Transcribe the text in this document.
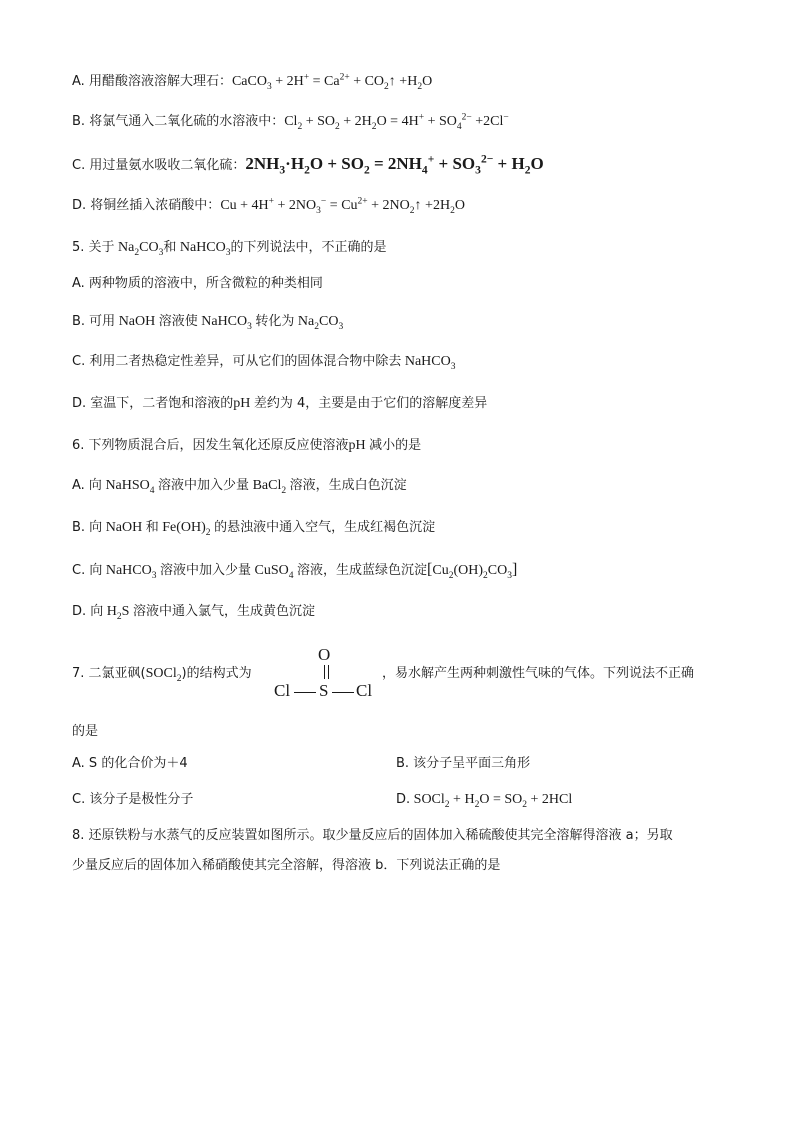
A. 用醋酸溶液溶解大理石：CaCO$_3$ + $2H^+ = Ca^{2+}$ + $CO_2↑ +H_2O$
B. 将氯气通入二氧化硫的水溶液中：$Cl_2 + SO_2 + 2H_2O = 4H^+ + SO_4^{2-} +2Cl^-$
C. 用过量氨水吸收二氧化硫：$2NH_3\cdot H_2O + SO_2 = 2NH_4^+ + SO_3^{2-} + H_2O$
D. 将铜丝插入浓硝酸中：$Cu + 4H^+ + 2NO_3^- = Cu^{2+}$ + $2NO_2↑ +2H_2O$
5. 关于 $Na_2CO_3$和 NaHCO$_3$的下列说法中，不正确的是
A. 两种物质的溶液中，所含微粒的种类相同
B. 可用 NaOH 溶液使 NaHCO$_3$ 转化为 $Na_2CO_3$
C. 利用二者热稳定性差异，可从它们的固体混合物中除去 NaHCO$_3$
D. 室温下，二者饱和溶液的pH 差约为 4，主要是由于它们的溶解度差异
6. 下列物质混合后，因发生氧化还原反应使溶液pH 减小的是
A. 向 NaHSO$_4$ 溶液中加入少量 BaCl$_2$ 溶液，生成白色沉淀
B. 向 NaOH 和 $Fe(OH)_2$ 的悬浊液中通入空气，生成红褐色沉淀
C. 向 NaHCO$_3$ 溶液中加入少量 CuSO$_4$ 溶液，生成蓝绿色沉淀$[Cu_2(OH)_2CO_3]$
D. 向 $H_2S$ 溶液中通入氯气，生成黄色沉淀
7. 二氯亚砜(SOCl$_2$)的结构式为
O
Cl S Cl
，易水解产生两种刺激性气味的气体。下列说法不正确
的是
A. S 的化合价为＋4	B. 该分子呈平面三角形
C. 该分子是极性分子	D. SOCl$_2$ + $H_2O = SO_2 + 2HCl$
8. 还原铁粉与水蒸气的反应装置如图所示。取少量反应后的固体加入稀硫酸使其完全溶解得溶液 a；另取
少量反应后的固体加入稀硝酸使其完全溶解，得溶液 b．下列说法正确的是
